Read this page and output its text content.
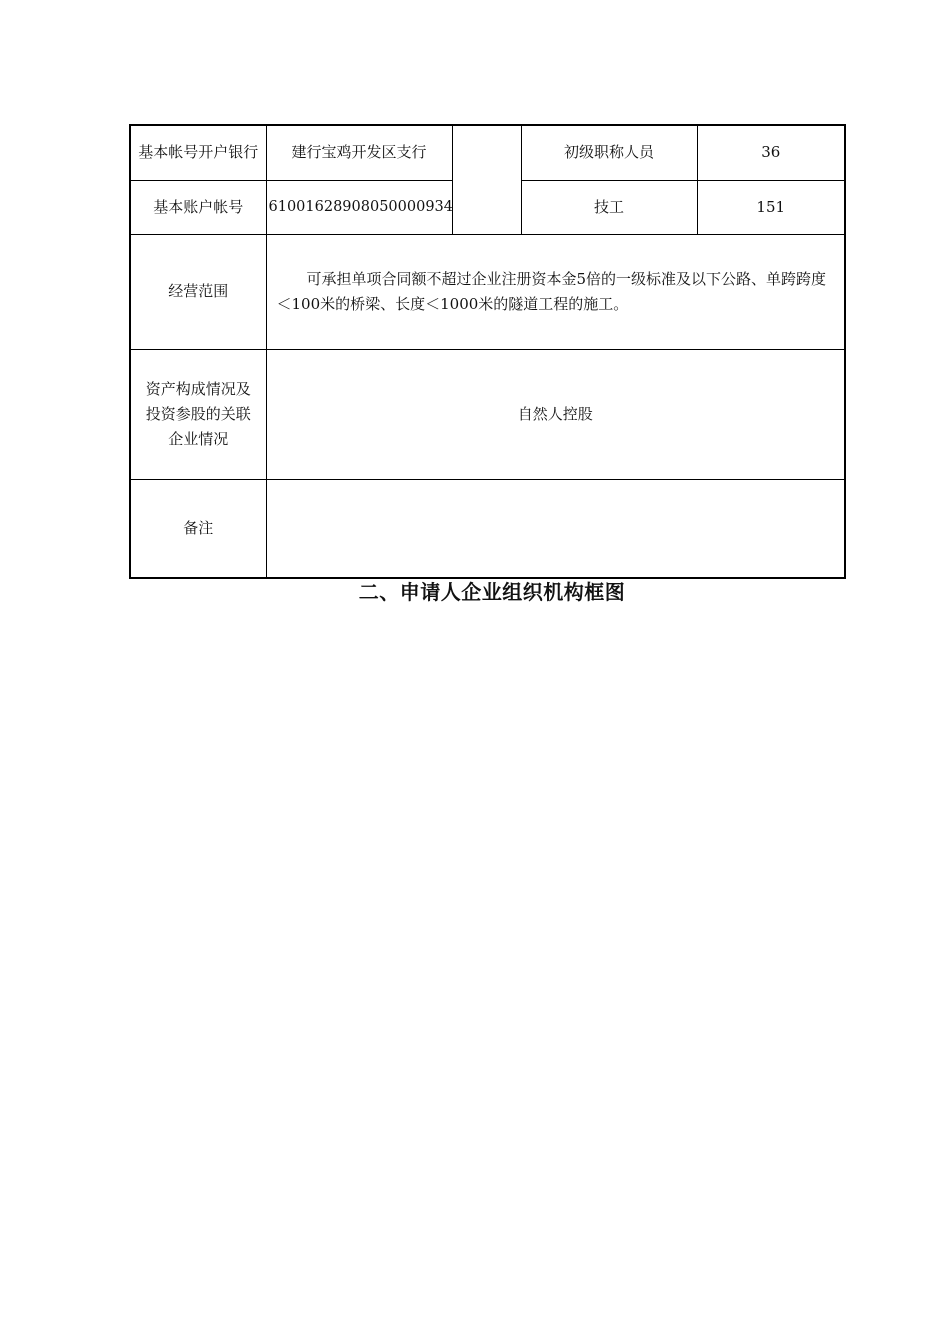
基本帐号开户银行	建行宝鸡开发区支行		初级职称人员	36
基本账户帐号	61001628908050000934		技工	151
经营范围	可承担单项合同额不超过企业注册资本金5倍的一级标准及以下公路、单跨跨度＜100米的桥梁、长度＜1000米的隧道工程的施工。			
资产构成情况及投资参股的关联企业情况	自然人控股			
备注				
二、申请人企业组织机构框图
